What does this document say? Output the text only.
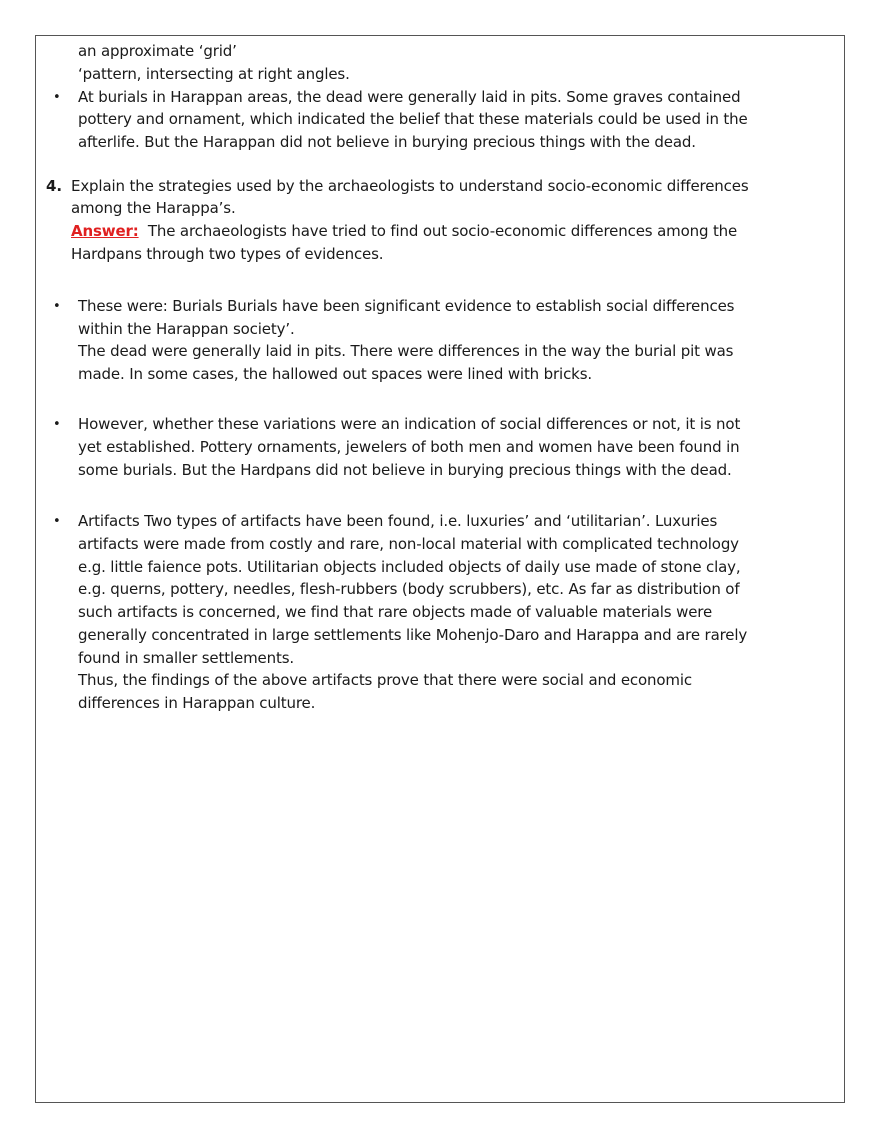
an approximate ‘grid’
‘pattern, intersecting at right angles.
• At burials in Harappan areas, the dead were generally laid in pits. Some graves contained
pottery and ornament, which indicated the belief that these materials could be used in the
afterlife. But the Harappan did not believe in burying precious things with the dead.
4. Explain the strategies used by the archaeologists to understand socio-economic differences
among the Harappa’s.
Answer:  The archaeologists have tried to find out socio-economic differences among the
Hardpans through two types of evidences.
• These were: Burials Burials have been significant evidence to establish social differences
within the Harappan society’.
The dead were generally laid in pits. There were differences in the way the burial pit was
made. In some cases, the hallowed out spaces were lined with bricks.
• However, whether these variations were an indication of social differences or not, it is not
yet established. Pottery ornaments, jewelers of both men and women have been found in
some burials. But the Hardpans did not believe in burying precious things with the dead.
• Artifacts Two types of artifacts have been found, i.e. luxuries’ and ‘utilitarian’. Luxuries
artifacts were made from costly and rare, non-local material with complicated technology
e.g. little faience pots. Utilitarian objects included objects of daily use made of stone clay,
e.g. querns, pottery, needles, flesh-rubbers (body scrubbers), etc. As far as distribution of
such artifacts is concerned, we find that rare objects made of valuable materials were
generally concentrated in large settlements like Mohenjo-Daro and Harappa and are rarely
found in smaller settlements.
Thus, the findings of the above artifacts prove that there were social and economic
differences in Harappan culture.
